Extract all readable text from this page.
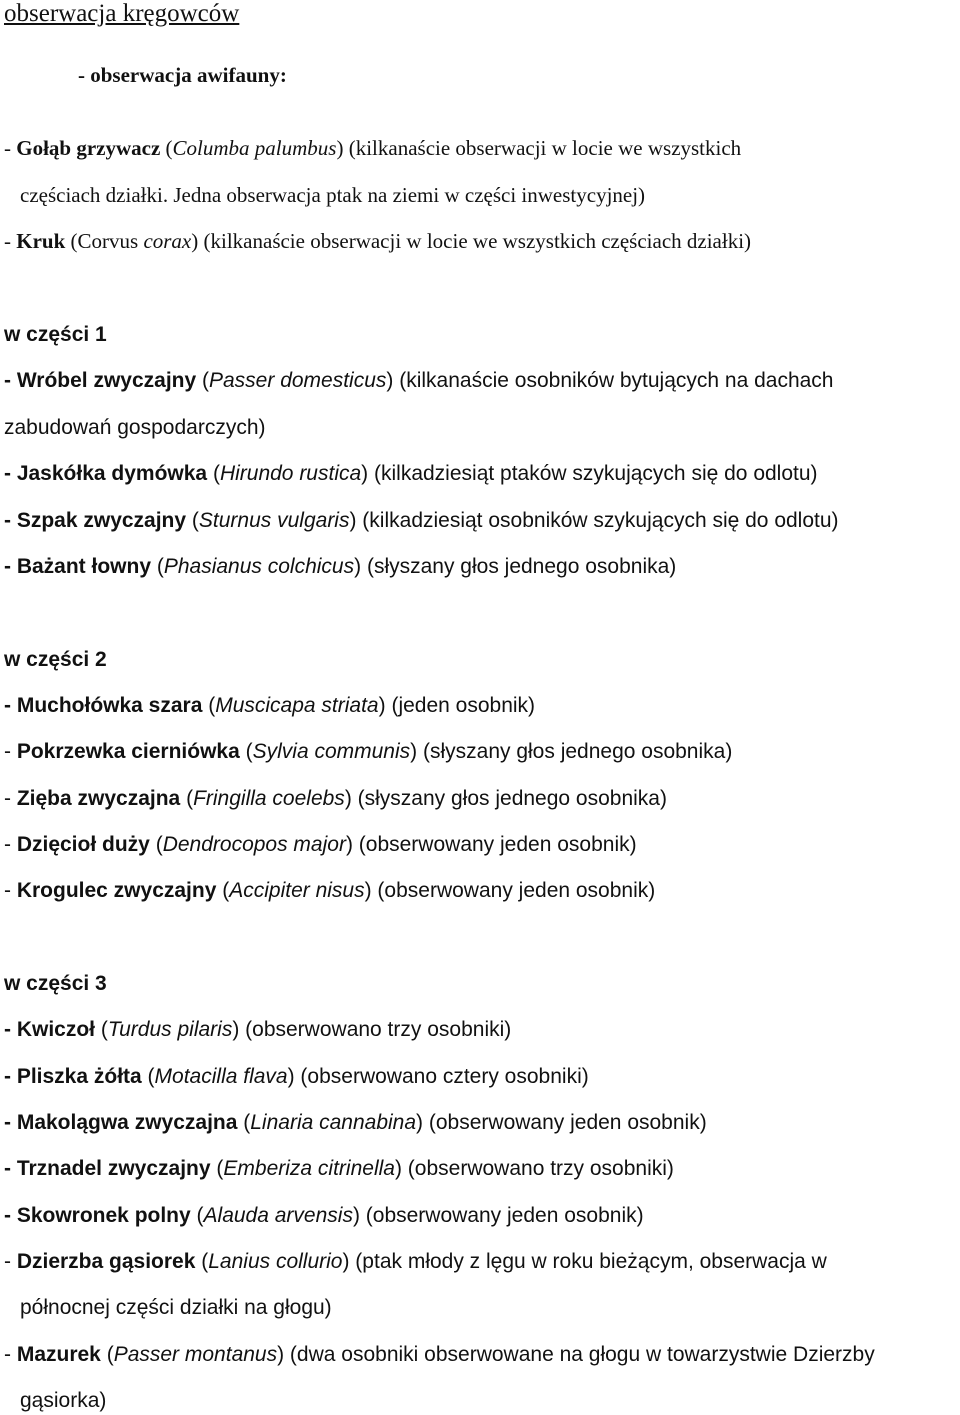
obserwacja kręgowców
- obserwacja awifauny:
- Gołąb grzywacz (Columba palumbus) (kilkanaście obserwacji w locie we wszystkich
częściach działki. Jedna obserwacja ptak na ziemi w części inwestycyjnej)
- Kruk (Corvus corax) (kilkanaście obserwacji w locie we wszystkich częściach działki)
w części 1
- Wróbel zwyczajny (Passer domesticus) (kilkanaście osobników bytujących na dachach
zabudowań gospodarczych)
- Jaskółka dymówka (Hirundo rustica) (kilkadziesiąt ptaków szykujących się do odlotu)
- Szpak zwyczajny (Sturnus vulgaris) (kilkadziesiąt osobników szykujących się do odlotu)
- Bażant łowny (Phasianus colchicus) (słyszany głos jednego osobnika)
w części 2
- Muchołówka szara (Muscicapa striata) (jeden osobnik)
- Pokrzewka cierniówka (Sylvia communis) (słyszany głos jednego osobnika)
- Zięba zwyczajna (Fringilla coelebs) (słyszany głos jednego osobnika)
- Dzięcioł duży (Dendrocopos major) (obserwowany jeden osobnik)
- Krogulec zwyczajny (Accipiter nisus) (obserwowany jeden osobnik)
w części 3
- Kwiczoł (Turdus pilaris) (obserwowano trzy osobniki)
- Pliszka żółta (Motacilla flava) (obserwowano cztery osobniki)
- Makolągwa zwyczajna (Linaria cannabina) (obserwowany jeden osobnik)
- Trznadel zwyczajny (Emberiza citrinella) (obserwowano trzy osobniki)
- Skowronek polny (Alauda arvensis) (obserwowany jeden osobnik)
- Dzierzba gąsiorek (Lanius collurio) (ptak młody z lęgu w roku bieżącym, obserwacja w
północnej części działki na głogu)
- Mazurek (Passer montanus) (dwa osobniki obserwowane na głogu w towarzystwie Dzierzby
gąsiorka)
